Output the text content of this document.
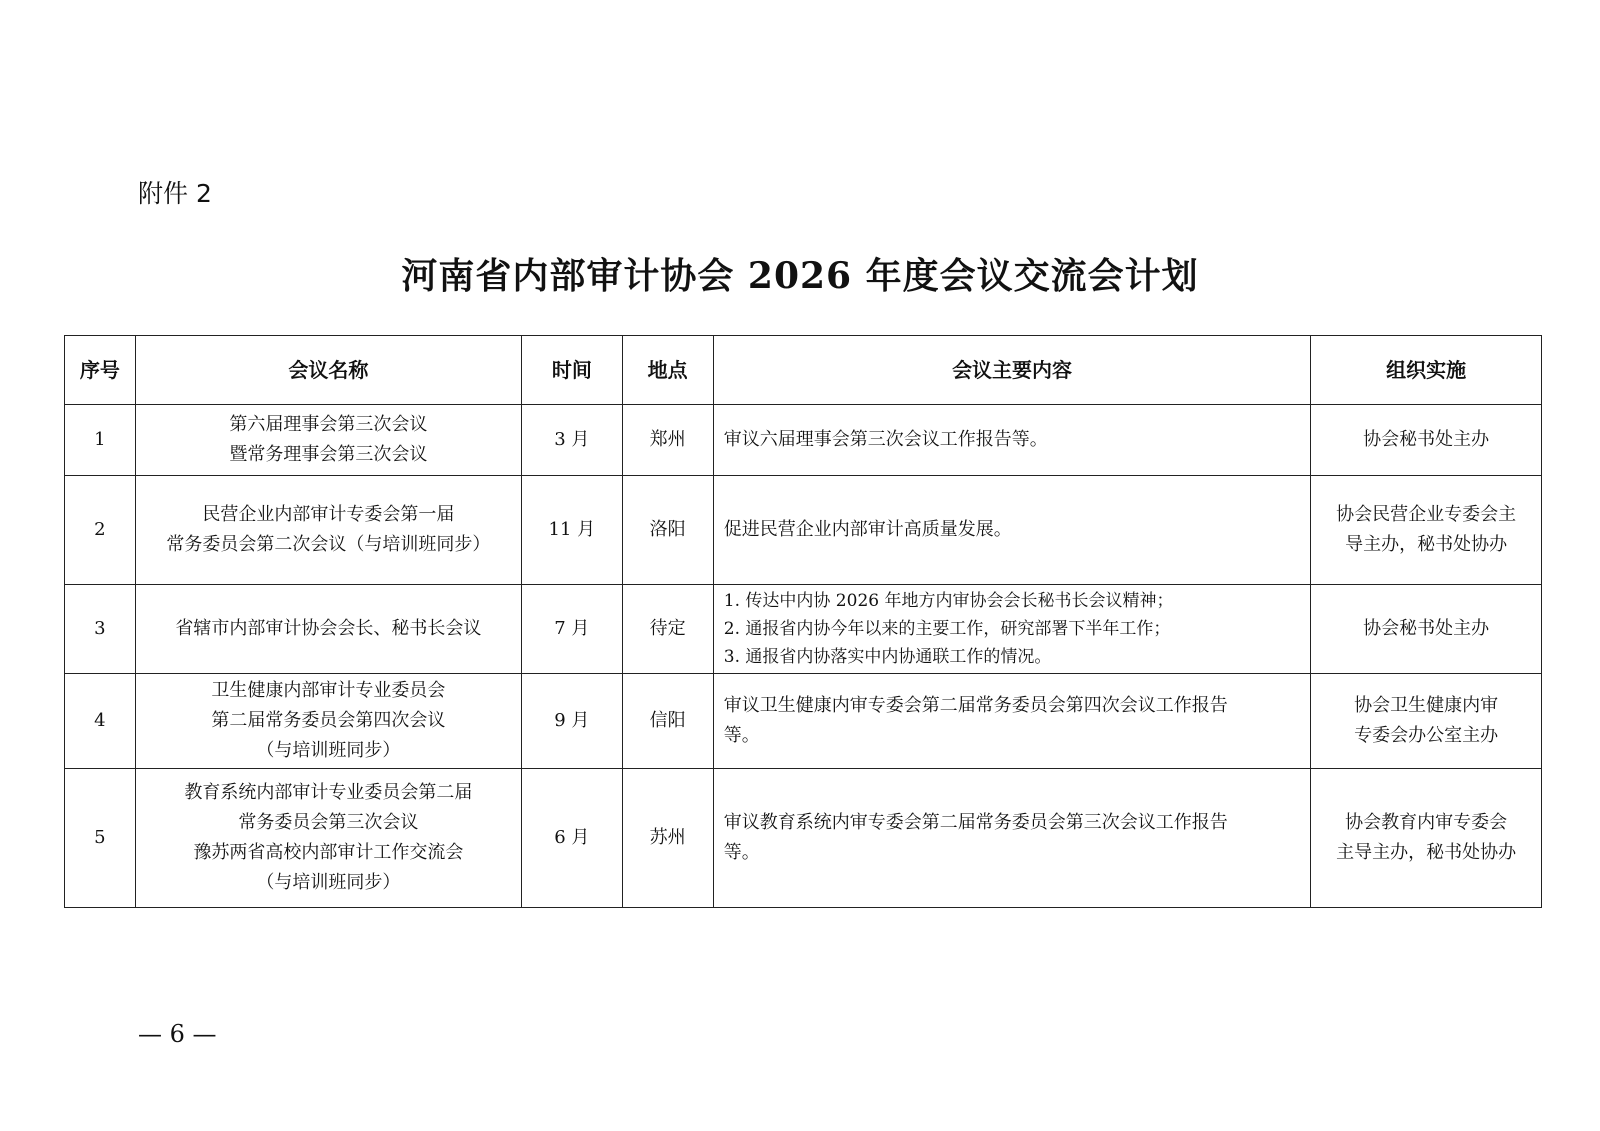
附件 2
河南省内部审计协会 2026 年度会议交流会计划
序号	会议名称	时间	地点	会议主要内容	组织实施
1	第六届理事会第三次会议
暨常务理事会第三次会议	3 月	郑州	审议六届理事会第三次会议工作报告等。	协会秘书处主办

2	民营企业内部审计专委会第一届
常务委员会第二次会议（与培训班同步）	11 月	洛阳	促进民营企业内部审计高质量发展。	协会民营企业专委会主
导主办，秘书处协办

3	省辖市内部审计协会会长、秘书长会议	7 月	待定	1. 传达中内协 2026 年地方内审协会会长秘书长会议精神；
2. 通报省内协今年以来的主要工作，研究部署下半年工作；
3. 通报省内协落实中内协通联工作的情况。	协会秘书处主办

4	卫生健康内部审计专业委员会
第二届常务委员会第四次会议
（与培训班同步）	9 月	信阳	审议卫生健康内审专委会第二届常务委员会第四次会议工作报告
等。	协会卫生健康内审
专委会办公室主办

5	教育系统内部审计专业委员会第二届
常务委员会第三次会议
豫苏两省高校内部审计工作交流会
（与培训班同步）	6 月	苏州	审议教育系统内审专委会第二届常务委员会第三次会议工作报告
等。	协会教育内审专委会
主导主办，秘书处协办
— 6 —
